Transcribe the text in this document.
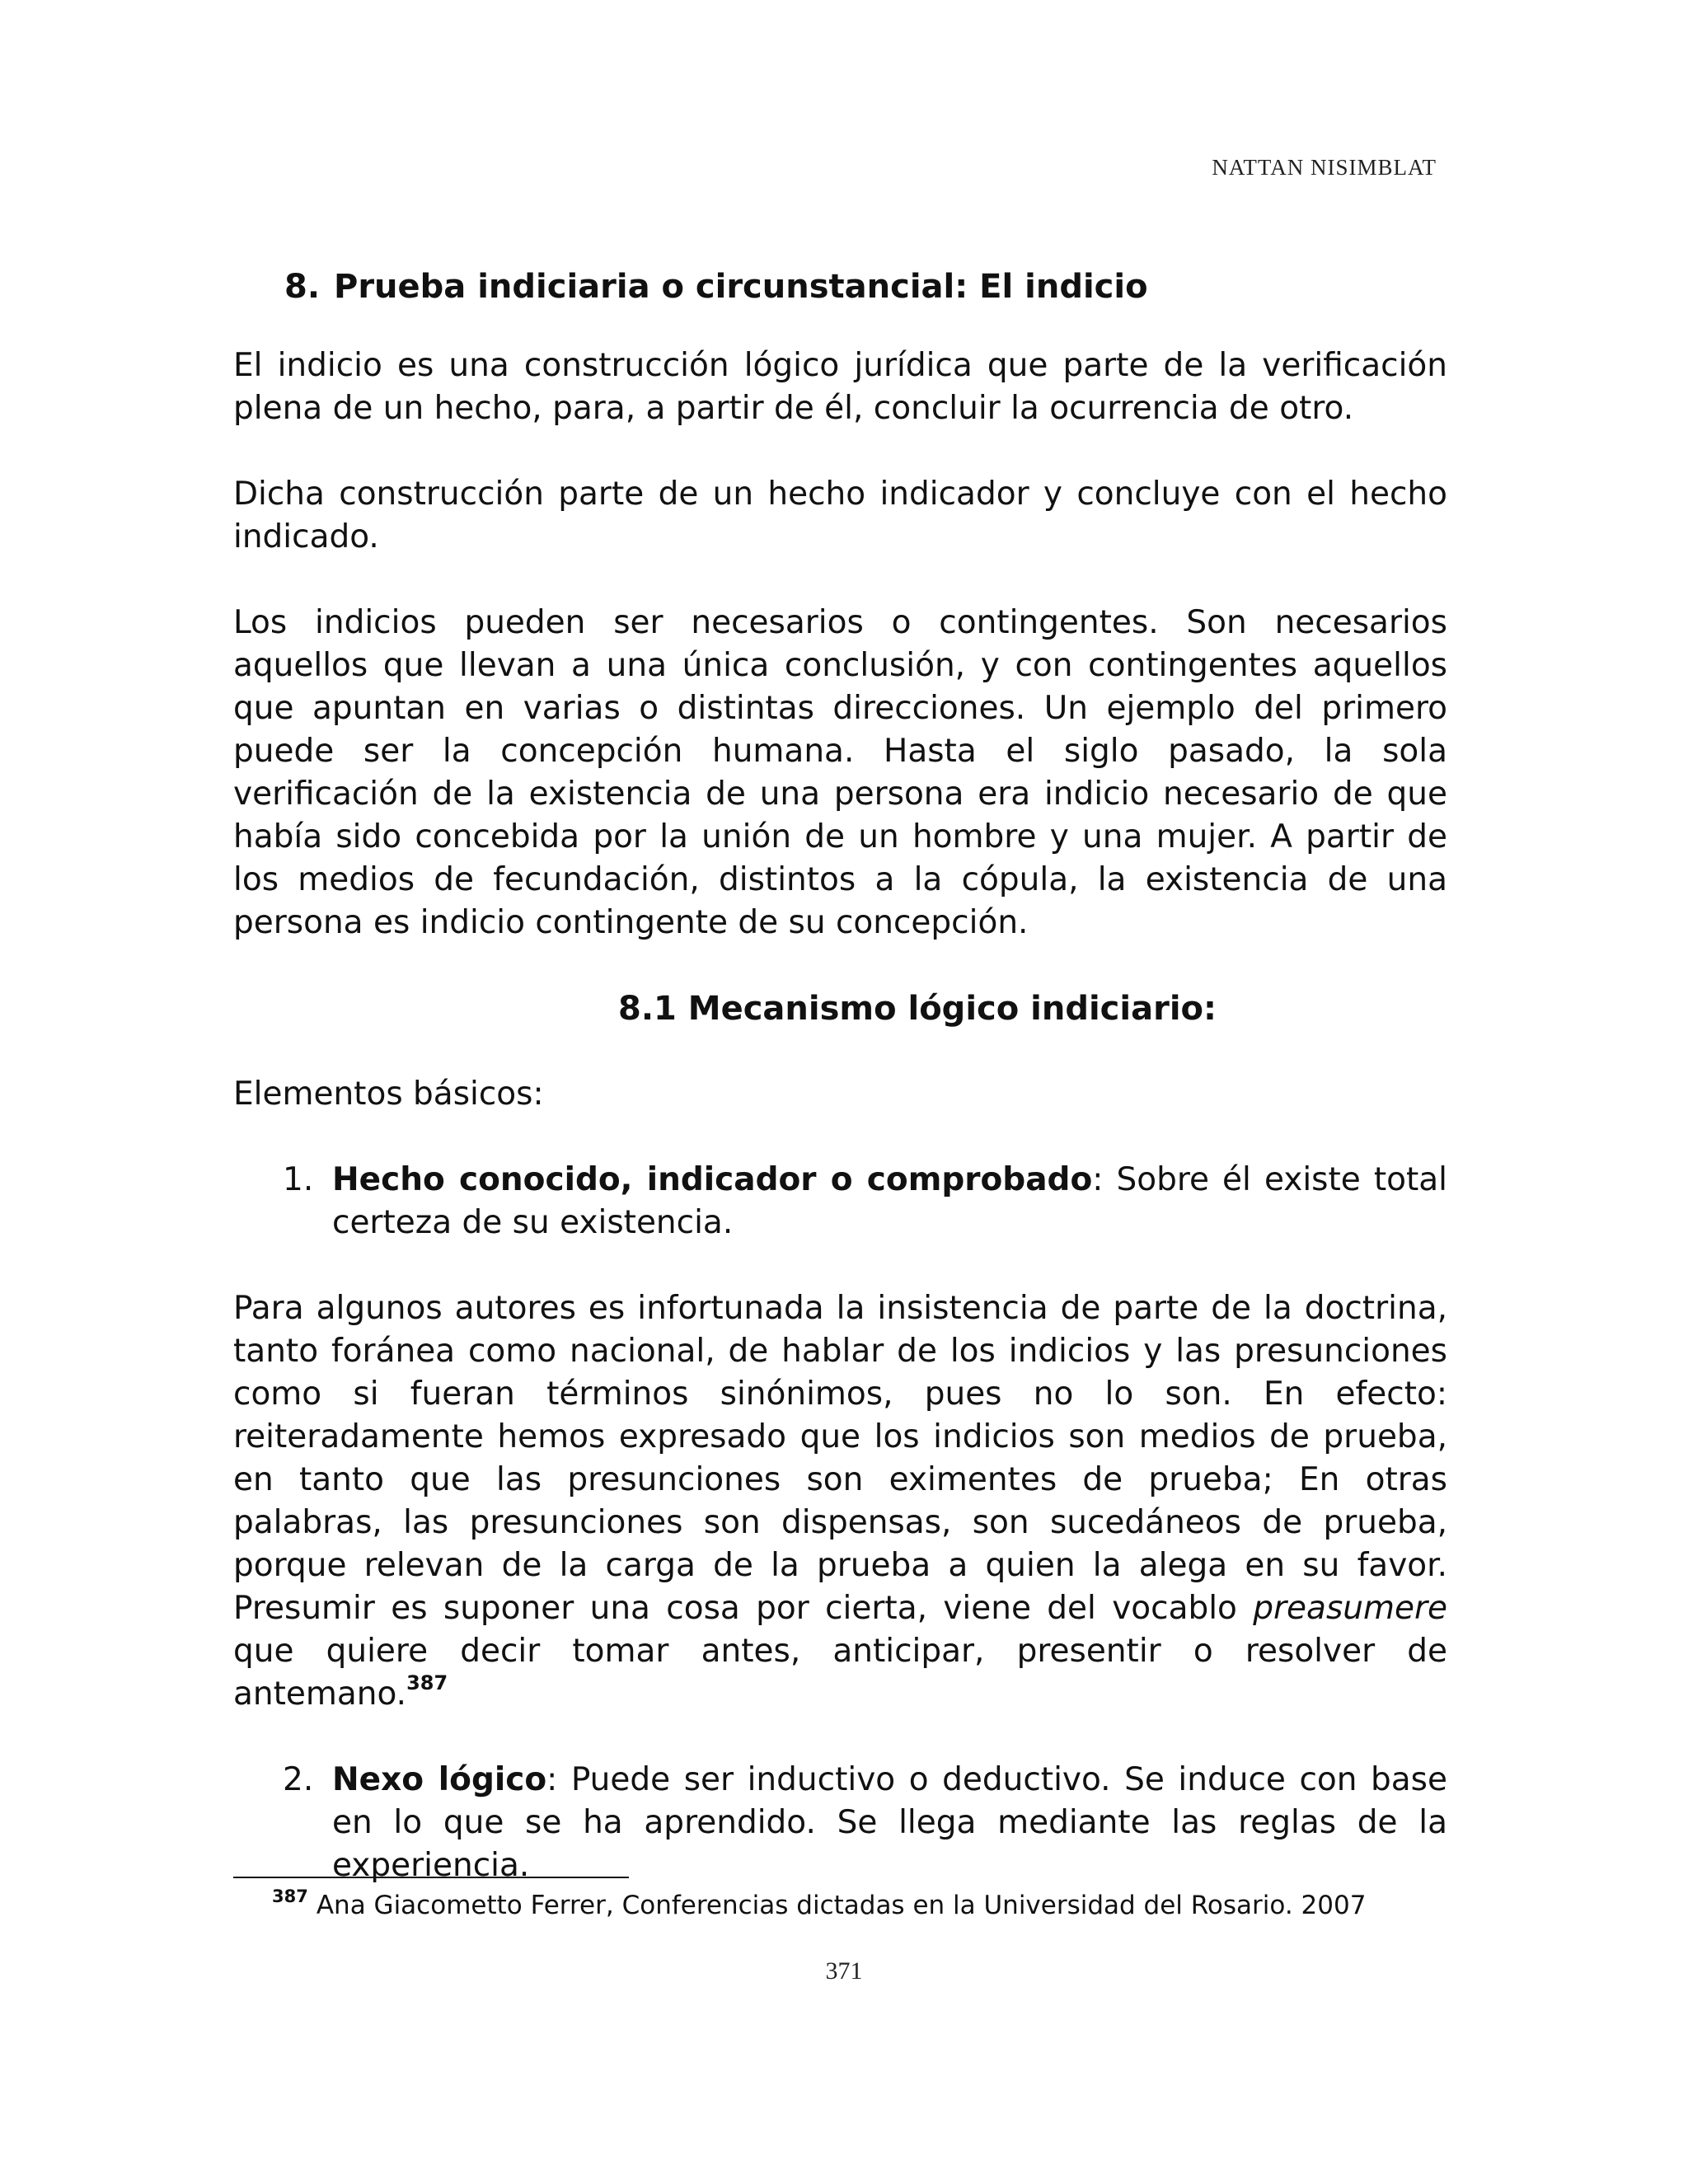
NATTAN NISIMBLAT
8. Prueba indiciaria o circunstancial: El indicio

El indicio es una construcción lógico jurídica que parte de la verificación plena de un hecho, para, a partir de él, concluir la ocurrencia de otro.

Dicha construcción parte de un hecho indicador y concluye con el hecho indicado.

Los indicios pueden ser necesarios o contingentes. Son necesarios aquellos que llevan a una única conclusión, y con contingentes aquellos que apuntan en varias o distintas direcciones. Un ejemplo del primero puede ser la concepción humana. Hasta el siglo pasado, la sola verificación de la existencia de una persona era indicio necesario de que había sido concebida por la unión de un hombre y una mujer. A partir de los medios de fecundación, distintos a la cópula, la existencia de una persona es indicio contingente de su concepción.

8.1 Mecanismo lógico indiciario:

Elementos básicos:

1. Hecho conocido, indicador o comprobado: Sobre él existe total certeza de su existencia.

Para algunos autores es infortunada la insistencia de parte de la doctrina, tanto foránea como nacional, de hablar de los indicios y las presunciones como si fueran términos sinónimos, pues no lo son. En efecto: reiteradamente hemos expresado que los indicios son medios de prueba, en tanto que las presunciones son eximentes de prueba; En otras palabras, las presunciones son dispensas, son sucedáneos de prueba, porque relevan de la carga de la prueba a quien la alega en su favor. Presumir es suponer una cosa por cierta, viene del vocablo preasumere que quiere decir tomar antes, anticipar, presentir o resolver de antemano.$^{387}$

2. Nexo lógico: Puede ser inductivo o deductivo. Se induce con base en lo que se ha aprendido. Se llega mediante las reglas de la experiencia.
$^{387}$ Ana Giacometto Ferrer, Conferencias dictadas en la Universidad del Rosario. 2007
371
